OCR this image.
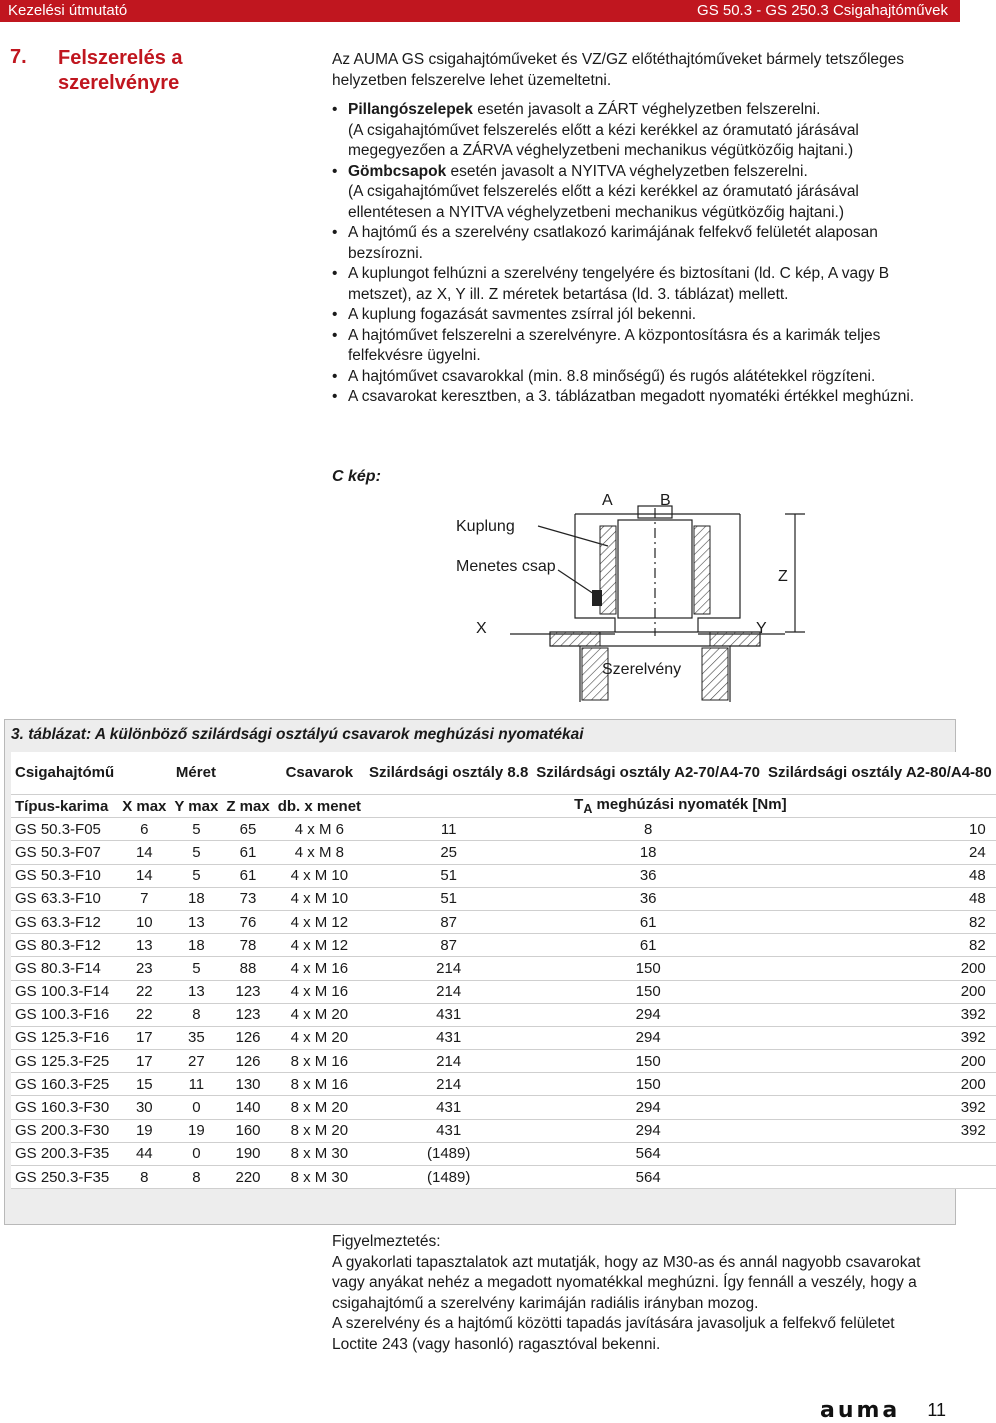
Kezelési útmutató	GS 50.3 - GS 250.3 Csigahajtóművek
7. Felszerelés a szerelvényre
Az AUMA GS csigahajtóműveket és VZ/GZ előtéthajtóműveket bármely tetszőleges helyzetben felszerelve lehet üzemeltetni.
• Pillangószelepek esetén javasolt a ZÁRT véghelyzetben felszerelni.
(A csigahajtóművet felszerelés előtt a kézi kerékkel az óramutató járásával megegyezően a ZÁRVA véghelyzetbeni mechanikus végütközőig hajtani.)
• Gömbcsapok esetén javasolt a NYITVA véghelyzetben felszerelni.
(A csigahajtóművet felszerelés előtt a kézi kerékkel az óramutató járásával ellentétesen a NYITVA véghelyzetbeni mechanikus végütközőig hajtani.)
• A hajtómű és a szerelvény csatlakozó karimájának felfekvő felületét alaposan bezsírozni.
• A kuplungot felhúzni a szerelvény tengelyére és biztosítani (ld. C kép, A vagy B metszet), az X, Y ill. Z méretek betartása (ld. 3. táblázat) mellett.
• A kuplung fogazását savmentes zsírral jól bekenni.
• A hajtóművet felszerelni a szerelvényre. A központosításra és a karimák teljes felfekvésre ügyelni.
• A hajtóművet csavarokkal (min. 8.8 minőségű) és rugós alátétekkel rögzíteni.
• A csavarokat keresztben, a 3. táblázatban megadott nyomatéki értékkel meghúzni.
C kép:
Kuplung
Menetes csap
A	B
Z
X	Y
Szerelvény
3. táblázat: A különböző szilárdsági osztályú csavarok meghúzási nyomatékai
Csigahajtómű	Méret			Csavarok	Szilárdsági osztály 8.8	Szilárdsági osztály A2-70/A4-70	Szilárdsági osztály A2-80/A4-80
Típus-karima	X max	Y max	Z max	db. x menet	$T_A$ meghúzási nyomaték [Nm]		
GS 50.3-F05	6	5	65	4 x M 6	11	8	10
GS 50.3-F07	14	5	61	4 x M 8	25	18	24
GS 50.3-F10	14	5	61	4 x M 10	51	36	48
GS 63.3-F10	7	18	73	4 x M 10	51	36	48
GS 63.3-F12	10	13	76	4 x M 12	87	61	82
GS 80.3-F12	13	18	78	4 x M 12	87	61	82
GS 80.3-F14	23	5	88	4 x M 16	214	150	200
GS 100.3-F14	22	13	123	4 x M 16	214	150	200
GS 100.3-F16	22	8	123	4 x M 20	431	294	392
GS 125.3-F16	17	35	126	4 x M 20	431	294	392
GS 125.3-F25	17	27	126	8 x M 16	214	150	200
GS 160.3-F25	15	11	130	8 x M 16	214	150	200
GS 160.3-F30	30	0	140	8 x M 20	431	294	392
GS 200.3-F30	19	19	160	8 x M 20	431	294	392
GS 200.3-F35	44	0	190	8 x M 30	(1489)	564	
GS 250.3-F35	8	8	220	8 x M 30	(1489)	564	
Figyelmeztetés:
A gyakorlati tapasztalatok azt mutatják, hogy az M30-as és annál nagyobb csavarokat vagy anyákat nehéz a megadott nyomatékkal meghúzni. Így fennáll a veszély, hogy a csigahajtómű a szerelvény karimáján radiális irányban mozog.
A szerelvény és a hajtómű közötti tapadás javítására javasoljuk a felfekvő felületet Loctite 243 (vagy hasonló) ragasztóval bekenni.
auma 11
